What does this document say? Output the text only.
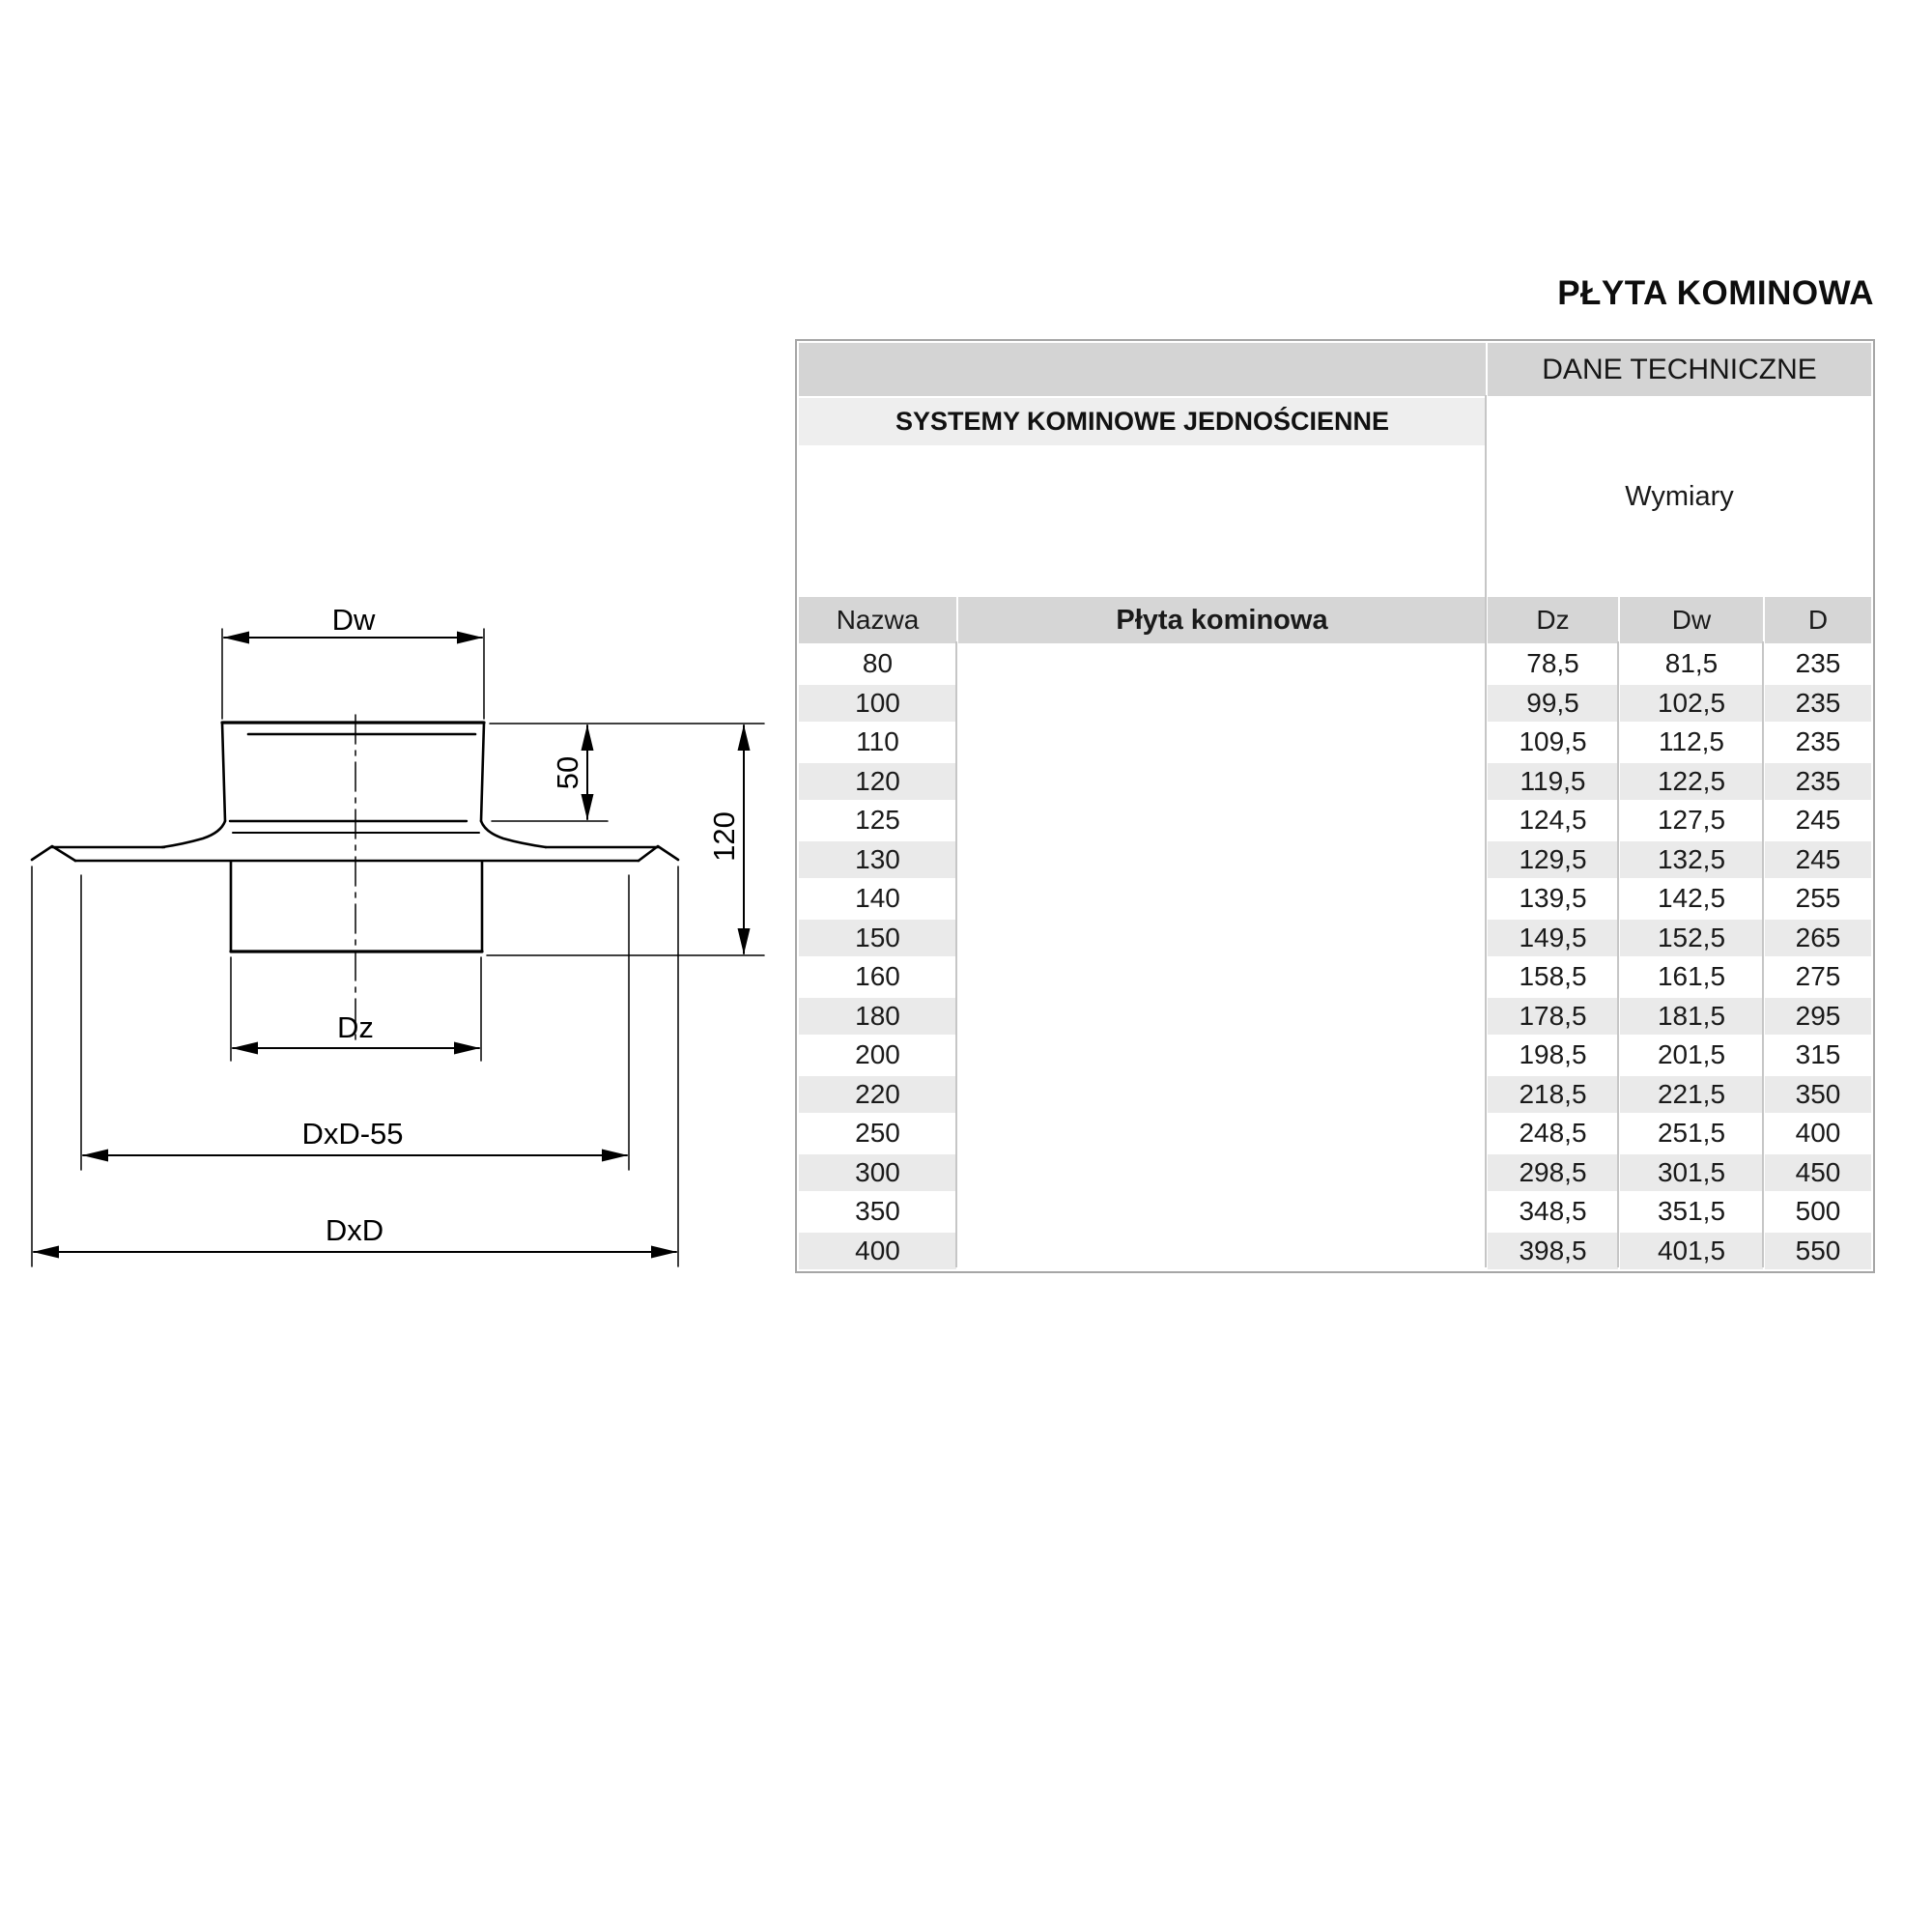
Dw
50
120
Dz
DxD-55
DxD
PŁYTA KOMINOWA
		DANE TECHNICZNE		
SYSTEMY KOMINOWE JEDNOŚCIENNE		Wymiary		

Nazwa	Płyta kominowa	Dz	Dw	D
80		78,5	81,5	235
100		99,5	102,5	235
110		109,5	112,5	235
120		119,5	122,5	235
125		124,5	127,5	245
130		129,5	132,5	245
140		139,5	142,5	255
150		149,5	152,5	265
160		158,5	161,5	275
180		178,5	181,5	295
200		198,5	201,5	315
220		218,5	221,5	350
250		248,5	251,5	400
300		298,5	301,5	450
350		348,5	351,5	500
400		398,5	401,5	550
